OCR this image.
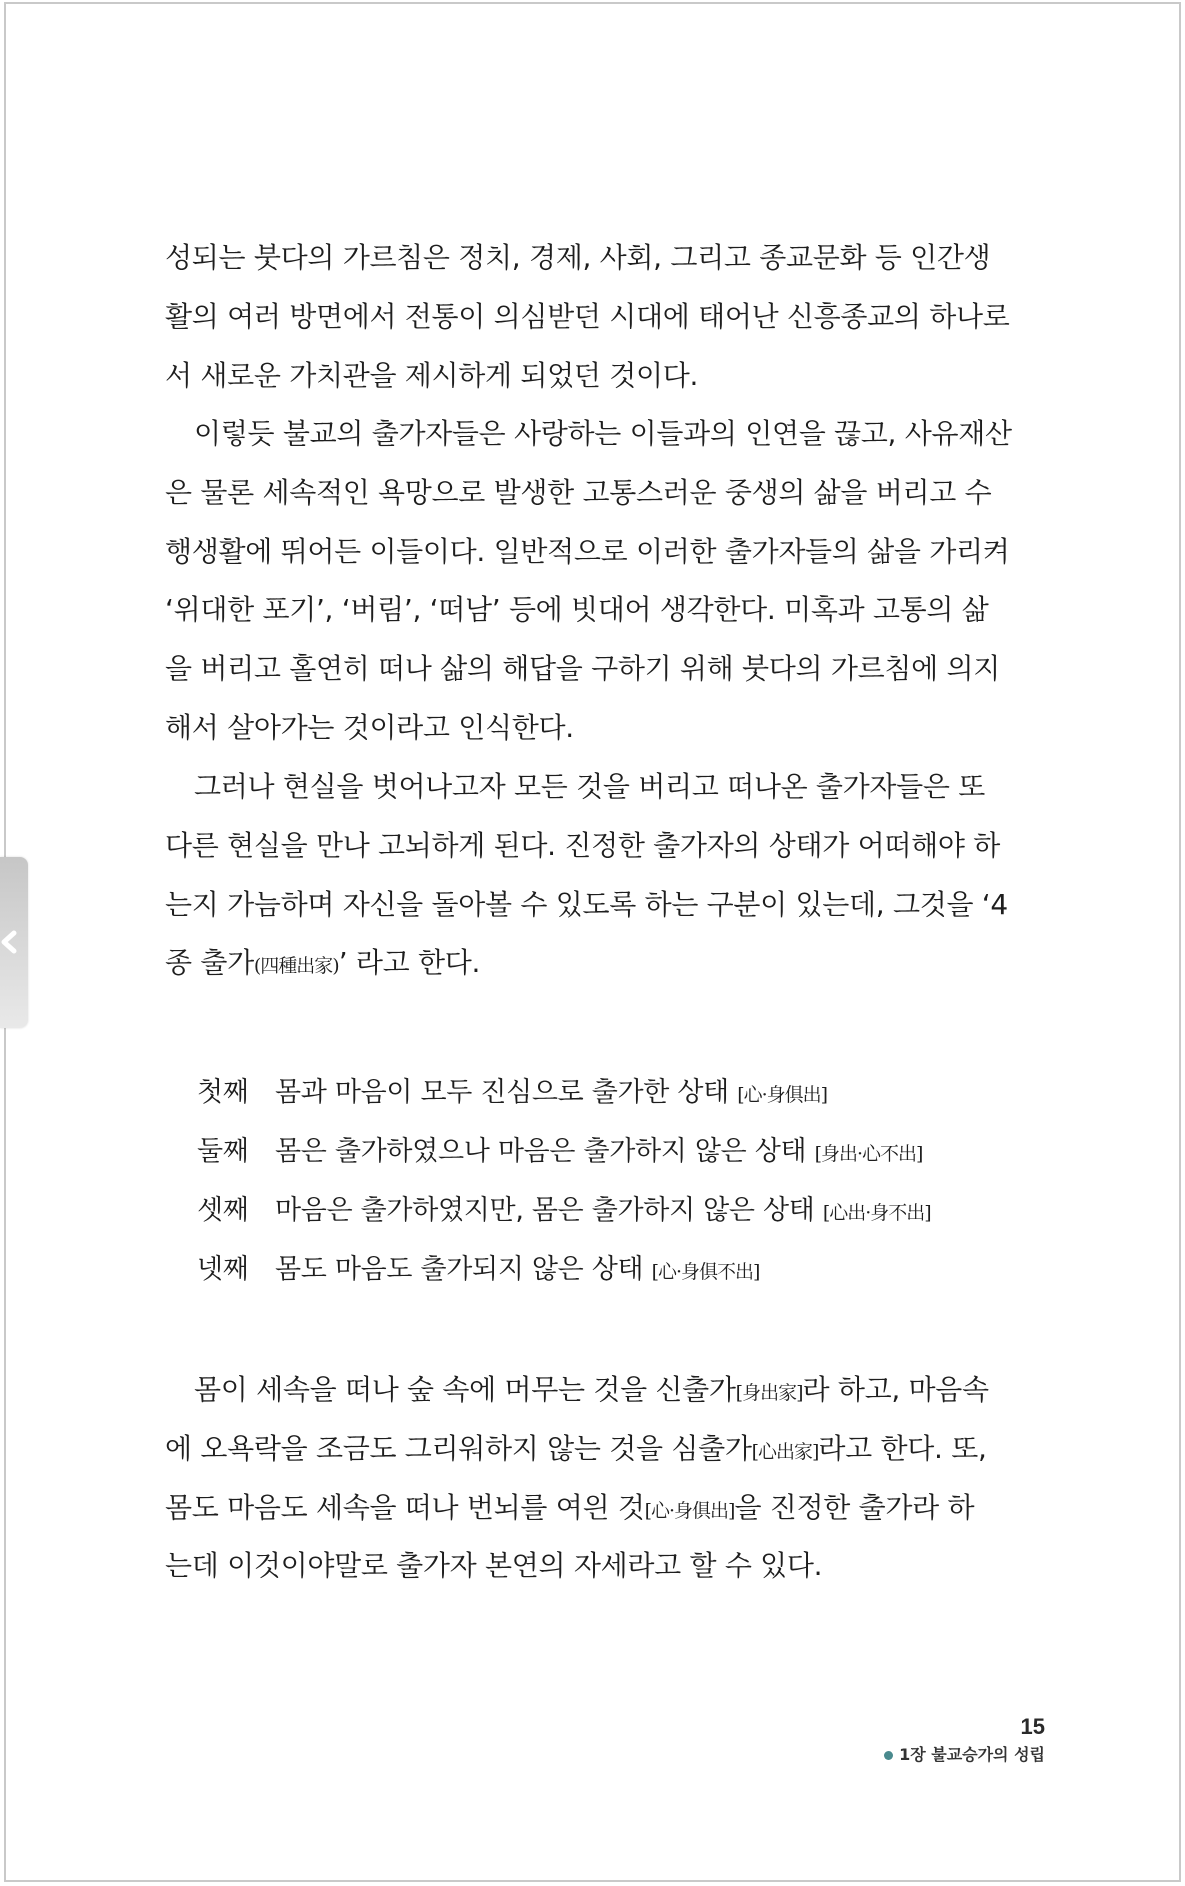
성되는 붓다의 가르침은 정치, 경제, 사회, 그리고 종교문화 등 인간생
활의 여러 방면에서 전통이 의심받던 시대에 태어난 신흥종교의 하나로
서 새로운 가치관을 제시하게 되었던 것이다.
이렇듯 불교의 출가자들은 사랑하는 이들과의 인연을 끊고, 사유재산
은 물론 세속적인 욕망으로 발생한 고통스러운 중생의 삶을 버리고 수
행생활에 뛰어든 이들이다. 일반적으로 이러한 출가자들의 삶을 가리켜
‘위대한 포기’, ‘버림’, ‘떠남’ 등에 빗대어 생각한다. 미혹과 고통의 삶
을 버리고 홀연히 떠나 삶의 해답을 구하기 위해 붓다의 가르침에 의지
해서 살아가는 것이라고 인식한다.
그러나 현실을 벗어나고자 모든 것을 버리고 떠나온 출가자들은 또
다른 현실을 만나 고뇌하게 된다. 진정한 출가자의 상태가 어떠해야 하
는지 가늠하며 자신을 돌아볼 수 있도록 하는 구분이 있는데, 그것을 ‘4
종 출가(四種出家)’ 라고 한다.
첫째 몸과 마음이 모두 진심으로 출가한 상태 [心·身俱出]
둘째 몸은 출가하였으나 마음은 출가하지 않은 상태 [身出·心不出]
셋째 마음은 출가하였지만, 몸은 출가하지 않은 상태 [心出·身不出]
넷째 몸도 마음도 출가되지 않은 상태 [心·身俱不出]
몸이 세속을 떠나 숲 속에 머무는 것을 신출가[身出家]라 하고, 마음속
에 오욕락을 조금도 그리워하지 않는 것을 심출가[心出家]라고 한다. 또,
몸도 마음도 세속을 떠나 번뇌를 여읜 것[心·身俱出]을 진정한 출가라 하
는데 이것이야말로 출가자 본연의 자세라고 할 수 있다.
15
1장 불교승가의 성립
